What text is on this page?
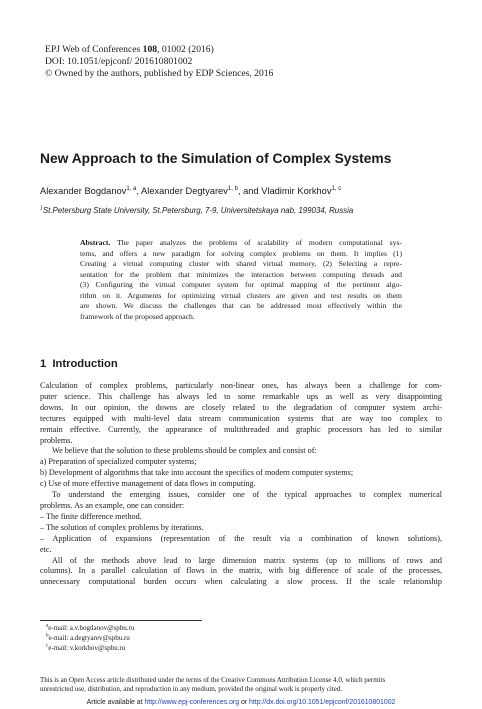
EPJ Web of Conferences 108, 01002 (2016)
DOI: 10.1051/epjconf/ 201610801002
© Owned by the authors, published by EDP Sciences, 2016
New Approach to the Simulation of Complex Systems
Alexander Bogdanov$^{1, a}$, Alexander Degtyarev$^{1, b}$, and Vladimir Korkhov$^{1, c}$
$^1$St.Petersburg State University, St.Petersburg, 7-9, Universitetskaya nab, 199034, Russia
Abstract. The paper analyzes the problems of scalability of modern computational sys-
tems, and offers a new paradigm for solving complex problems on them. It implies (1)
Creating a virtual computing cluster with shared virtual memory, (2) Selecting a repre-
sentation for the problem that minimizes the interaction between computing threads and
(3) Configuring the virtual computer system for optimal mapping of the pertinent algo-
rithm on it. Arguments for optimizing virtual clusters are given and test results on them
are shown. We discuss the challenges that can be addressed most effectively within the
framework of the proposed approach.
1 Introduction
Calculation of complex problems, particularly non-linear ones, has always been a challenge for com-
puter science. This challenge has always led to some remarkable ups as well as very disappointing
downs. In our opinion, the downs are closely related to the degradation of computer system archi-
tectures equipped with multi-level data stream communication systems that are way too complex to
remain effective. Currently, the appearance of multithreaded and graphic processors has led to similar
problems.
We believe that the solution to these problems should be complex and consist of:
a) Preparation of specialized computer systems;
b) Development of algorithms that take into account the specifics of modern computer systems;
c) Use of more effective management of data flows in computing.
To understand the emerging issues, consider one of the typical approaches to complex numerical
problems. As an example, one can consider:
– The finite difference method.
– The solution of complex problems by iterations.
– Application of expansions (representation of the result via a combination of known solutions),
etc.
All of the methods above lead to large dimension matrix systems (up to millions of rows and
columns). In a parallel calculation of flows in the matrix, with big difference of scale of the processes,
unnecessary computational burden occurs when calculating a slow process. If the scale relationship
$^a$e-mail: a.v.bogdanov@spbu.ru
$^b$e-mail: a.degtyarev@spbu.ru
$^c$e-mail: v.korkhov@spbu.ru
This is an Open Access article distributed under the terms of the Creative Commons Attribution License 4.0, which permits
unrestricted use, distribution, and reproduction in any medium, provided the original work is properly cited.
Article available at http://www.epj-conferences.org or http://dx.doi.org/10.1051/epjconf/201610801002
